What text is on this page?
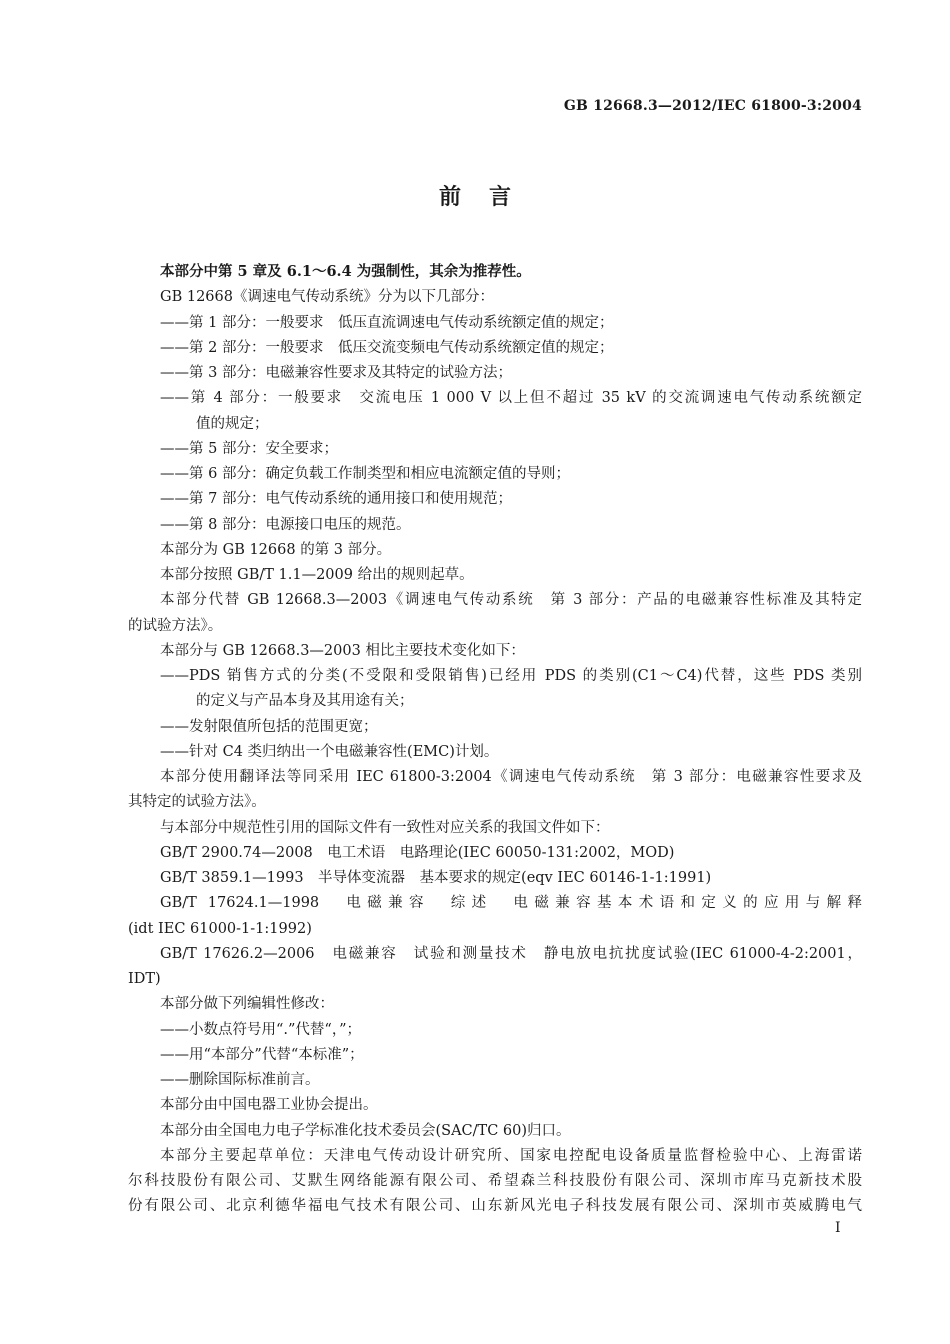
GB 12668.3—2012/IEC 61800-3:2004
前言
本部分中第 5 章及 6.1～6.4 为强制性，其余为推荐性。
GB 12668《调速电气传动系统》分为以下几部分：
——第 1 部分：一般要求　低压直流调速电气传动系统额定值的规定；
——第 2 部分：一般要求　低压交流变频电气传动系统额定值的规定；
——第 3 部分：电磁兼容性要求及其特定的试验方法；
——第 4 部分：一般要求　交流电压 1 000 V 以上但不超过 35 kV 的交流调速电气传动系统额定
值的规定；
——第 5 部分：安全要求；
——第 6 部分：确定负载工作制类型和相应电流额定值的导则；
——第 7 部分：电气传动系统的通用接口和使用规范；
——第 8 部分：电源接口电压的规范。
本部分为 GB 12668 的第 3 部分。
本部分按照 GB/T 1.1—2009 给出的规则起草。
本部分代替 GB 12668.3—2003《调速电气传动系统　第 3 部分：产品的电磁兼容性标准及其特定
的试验方法》。
本部分与 GB 12668.3—2003 相比主要技术变化如下：
——PDS 销售方式的分类(不受限和受限销售)已经用 PDS 的类别(C1～C4)代替，这些 PDS 类别
的定义与产品本身及其用途有关；
——发射限值所包括的范围更宽；
——针对 C4 类归纳出一个电磁兼容性(EMC)计划。
本部分使用翻译法等同采用 IEC 61800-3:2004《调速电气传动系统　第 3 部分：电磁兼容性要求及
其特定的试验方法》。
与本部分中规范性引用的国际文件有一致性对应关系的我国文件如下：
GB/T 2900.74—2008　电工术语　电路理论(IEC 60050-131:2002，MOD)
GB/T 3859.1—1993　半导体变流器　基本要求的规定(eqv IEC 60146-1-1:1991)
GB/T 17624.1—1998　电磁兼容　综述　电磁兼容基本术语和定义的应用与解释
(idt IEC 61000-1-1:1992)
GB/T 17626.2—2006　电磁兼容　试验和测量技术　静电放电抗扰度试验(IEC 61000-4-2:2001，
IDT)
本部分做下列编辑性修改：
——小数点符号用“.”代替“，”；
——用“本部分”代替“本标准”；
——删除国际标准前言。
本部分由中国电器工业协会提出。
本部分由全国电力电子学标准化技术委员会(SAC/TC 60)归口。
本部分主要起草单位：天津电气传动设计研究所、国家电控配电设备质量监督检验中心、上海雷诺
尔科技股份有限公司、艾默生网络能源有限公司、希望森兰科技股份有限公司、深圳市库马克新技术股
份有限公司、北京利德华福电气技术有限公司、山东新风光电子科技发展有限公司、深圳市英威腾电气
I
